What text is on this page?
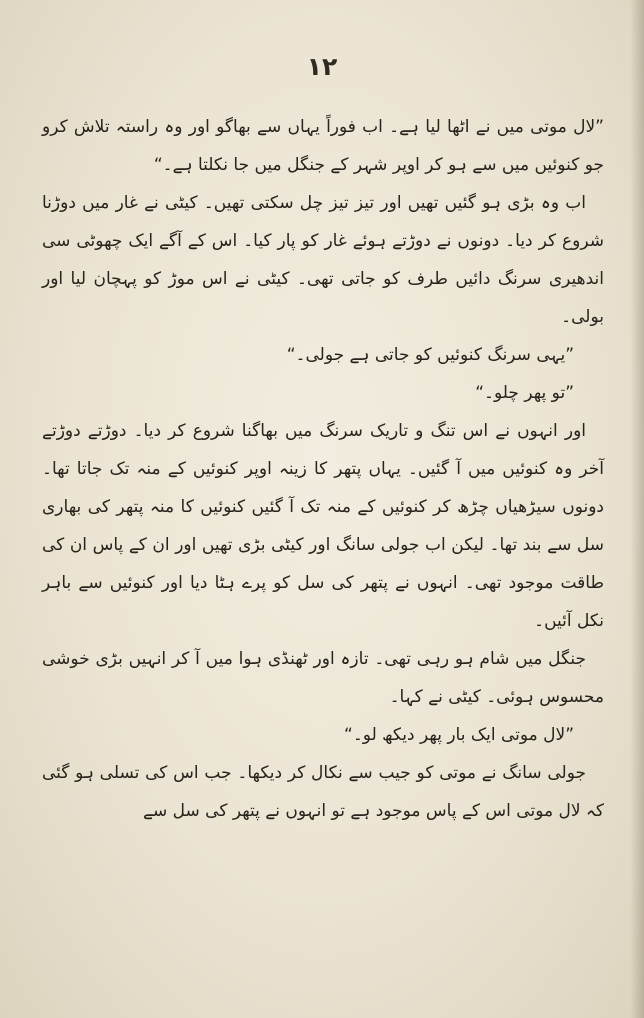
۱۲

”لال موتی میں نے اٹھا لیا ہے۔ اب فوراً یہاں سے بھاگو اور وہ راستہ تلاش کرو جو کنوئیں میں سے ہو کر اوپر شہر کے جنگل میں جا نکلتا ہے۔“

اب وہ بڑی ہو گئیں تھیں اور تیز تیز چل سکتی تھیں۔ کیٹی نے غار میں دوڑنا شروع کر دیا۔ دونوں نے دوڑتے ہوئے غار کو پار کیا۔ اس کے آگے ایک چھوٹی سی اندھیری سرنگ دائیں طرف کو جاتی تھی۔ کیٹی نے اس موڑ کو پہچان لیا اور بولی۔

”یہی سرنگ کنوئیں کو جاتی ہے جولی۔“

”تو پھر چلو۔“

اور انہوں نے اس تنگ و تاریک سرنگ میں بھاگنا شروع کر دیا۔ دوڑتے دوڑتے آخر وہ کنوئیں میں آ گئیں۔ یہاں پتھر کا زینہ اوپر کنوئیں کے منہ تک جاتا تھا۔ دونوں سیڑھیاں چڑھ کر کنوئیں کے منہ تک آ گئیں کنوئیں کا منہ پتھر کی بھاری سل سے بند تھا۔ لیکن اب جولی سانگ اور کیٹی بڑی تھیں اور ان کے پاس ان کی طاقت موجود تھی۔ انہوں نے پتھر کی سل کو پرے ہٹا دیا اور کنوئیں سے باہر نکل آئیں۔

جنگل میں شام ہو رہی تھی۔ تازہ اور ٹھنڈی ہوا میں آ کر انہیں بڑی خوشی محسوس ہوئی۔ کیٹی نے کہا۔

”لال موتی ایک بار پھر دیکھ لو۔“

جولی سانگ نے موتی کو جیب سے نکال کر دیکھا۔ جب اس کی تسلی ہو گئی کہ لال موتی اس کے پاس موجود ہے تو انہوں نے پتھر کی سل سے
